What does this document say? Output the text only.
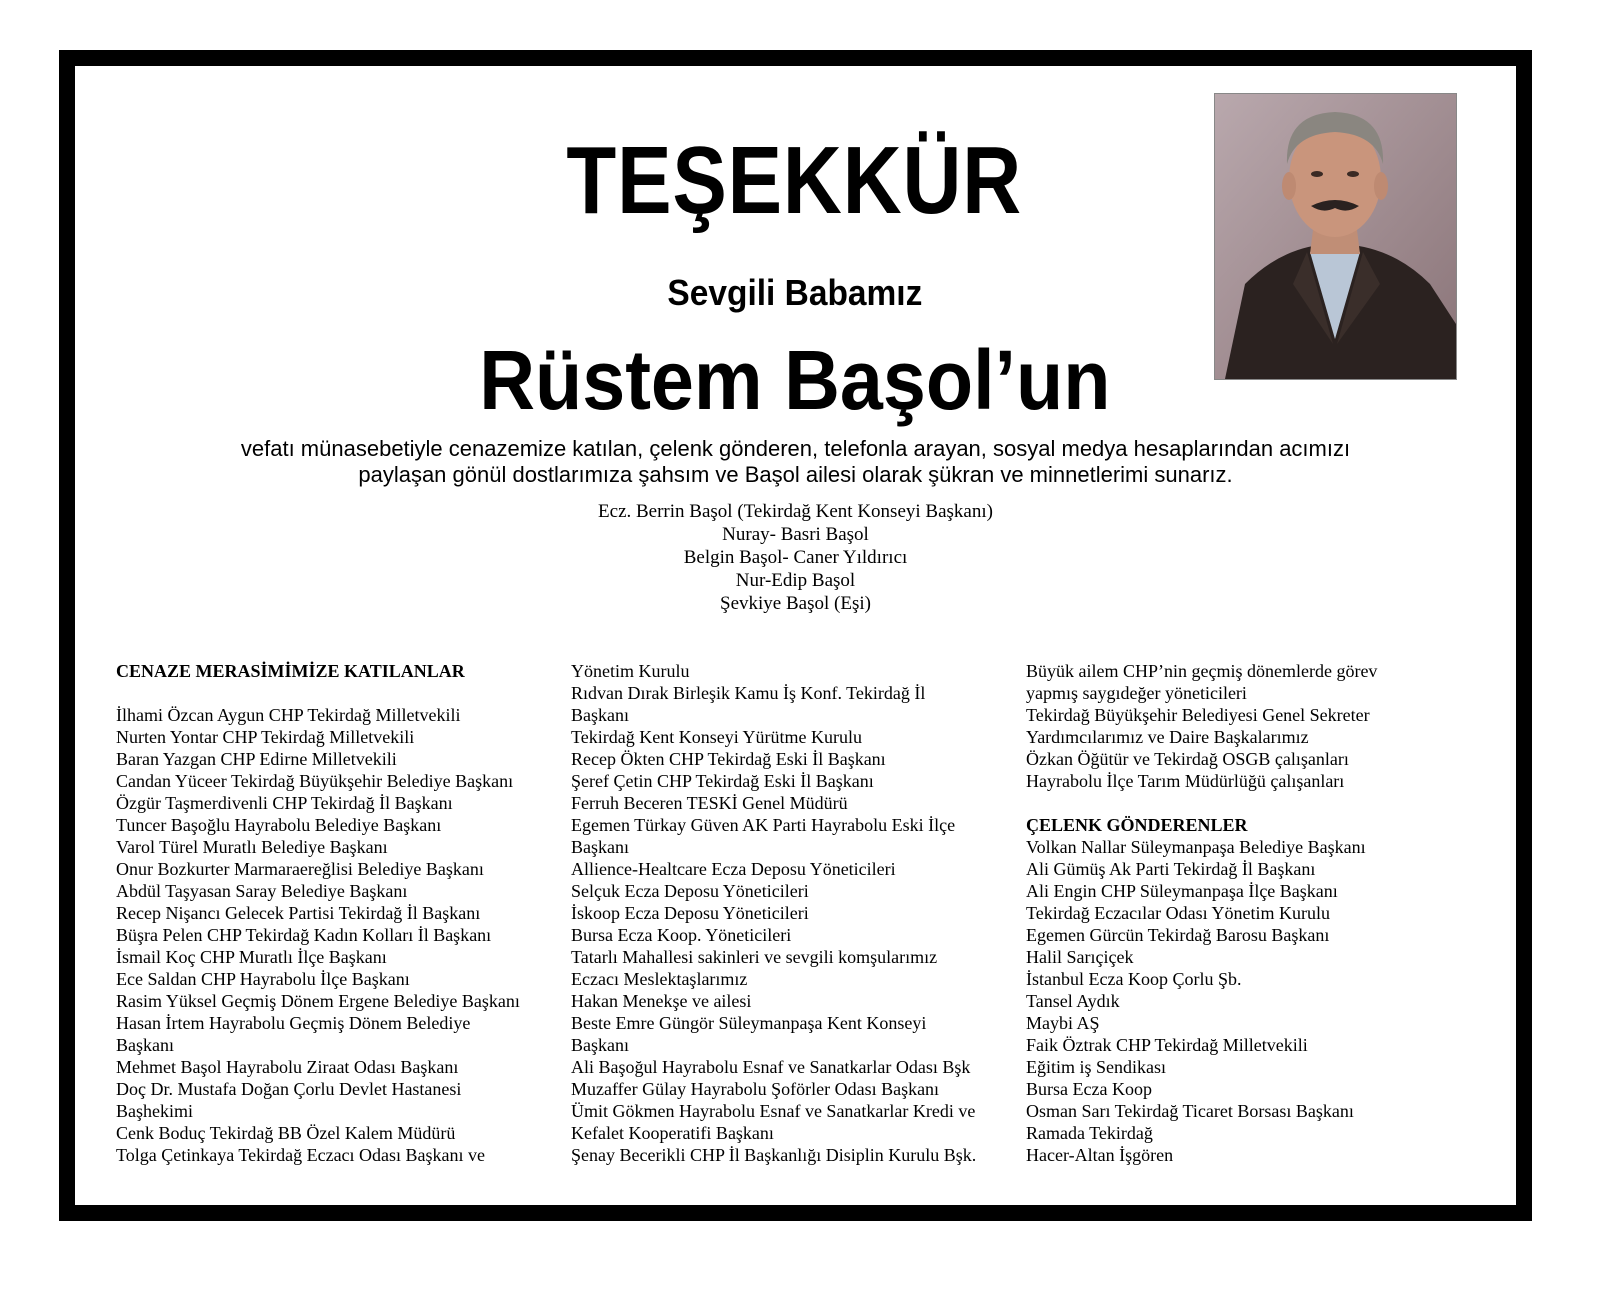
TEŞEKKÜR
Sevgili Babamız
Rüstem Başol’un
vefatı münasebetiyle cenazemize katılan, çelenk gönderen, telefonla arayan, sosyal medya hesaplarından acımızı
paylaşan gönül dostlarımıza şahsım ve Başol ailesi olarak şükran ve minnetlerimi sunarız.
Ecz. Berrin Başol (Tekirdağ Kent Konseyi Başkanı)
Nuray- Basri Başol
Belgin Başol- Caner Yıldırıcı
Nur-Edip Başol
Şevkiye Başol (Eşi)
CENAZE MERASİMİMİZE KATILANLAR
İlhami Özcan Aygun CHP Tekirdağ Milletvekili
Nurten Yontar CHP Tekirdağ Milletvekili
Baran Yazgan CHP Edirne Milletvekili
Candan Yüceer Tekirdağ Büyükşehir Belediye Başkanı
Özgür Taşmerdivenli CHP Tekirdağ İl Başkanı
Tuncer Başoğlu Hayrabolu Belediye Başkanı
Varol Türel Muratlı Belediye Başkanı
Onur Bozkurter Marmaraereğlisi Belediye Başkanı
Abdül Taşyasan Saray Belediye Başkanı
Recep Nişancı Gelecek Partisi Tekirdağ İl Başkanı
Büşra Pelen CHP Tekirdağ Kadın Kolları İl Başkanı
İsmail Koç CHP Muratlı İlçe Başkanı
Ece Saldan CHP Hayrabolu İlçe Başkanı
Rasim Yüksel Geçmiş Dönem Ergene Belediye Başkanı
Hasan İrtem Hayrabolu Geçmiş Dönem Belediye
Başkanı
Mehmet Başol Hayrabolu Ziraat Odası Başkanı
Doç Dr. Mustafa Doğan Çorlu Devlet Hastanesi
Başhekimi
Cenk Boduç Tekirdağ BB Özel Kalem Müdürü
Tolga Çetinkaya Tekirdağ Eczacı Odası Başkanı ve
Yönetim Kurulu
Rıdvan Dırak Birleşik Kamu İş Konf. Tekirdağ İl
Başkanı
Tekirdağ Kent Konseyi Yürütme Kurulu
Recep Ökten CHP Tekirdağ Eski İl Başkanı
Şeref Çetin CHP Tekirdağ Eski İl Başkanı
Ferruh Beceren TESKİ Genel Müdürü
Egemen Türkay Güven AK Parti Hayrabolu Eski İlçe
Başkanı
Allience-Healtcare Ecza Deposu Yöneticileri
Selçuk Ecza Deposu Yöneticileri
İskoop Ecza Deposu Yöneticileri
Bursa Ecza Koop. Yöneticileri
Tatarlı Mahallesi sakinleri ve sevgili komşularımız
Eczacı Meslektaşlarımız
Hakan Menekşe ve ailesi
Beste Emre Güngör Süleymanpaşa Kent Konseyi
Başkanı
Ali Başoğul Hayrabolu Esnaf ve Sanatkarlar Odası Bşk
Muzaffer Gülay Hayrabolu Şoförler Odası Başkanı
Ümit Gökmen Hayrabolu Esnaf ve Sanatkarlar Kredi ve
Kefalet Kooperatifi Başkanı
Şenay Becerikli CHP İl Başkanlığı Disiplin Kurulu Bşk.
Büyük ailem CHP’nin geçmiş dönemlerde görev
yapmış saygıdeğer yöneticileri
Tekirdağ Büyükşehir Belediyesi Genel Sekreter
Yardımcılarımız ve Daire Başkalarımız
Özkan Öğütür ve Tekirdağ OSGB çalışanları
Hayrabolu İlçe Tarım Müdürlüğü çalışanları
ÇELENK GÖNDERENLER
Volkan Nallar Süleymanpaşa Belediye Başkanı
Ali Gümüş Ak Parti Tekirdağ İl Başkanı
Ali Engin CHP Süleymanpaşa İlçe Başkanı
Tekirdağ Eczacılar Odası Yönetim Kurulu
Egemen Gürcün Tekirdağ Barosu Başkanı
Halil Sarıçiçek
İstanbul Ecza Koop Çorlu Şb.
Tansel Aydık
Maybi AŞ
Faik Öztrak CHP Tekirdağ Milletvekili
Eğitim iş Sendikası
Bursa Ecza Koop
Osman Sarı Tekirdağ Ticaret Borsası Başkanı
Ramada Tekirdağ
Hacer-Altan İşgören
